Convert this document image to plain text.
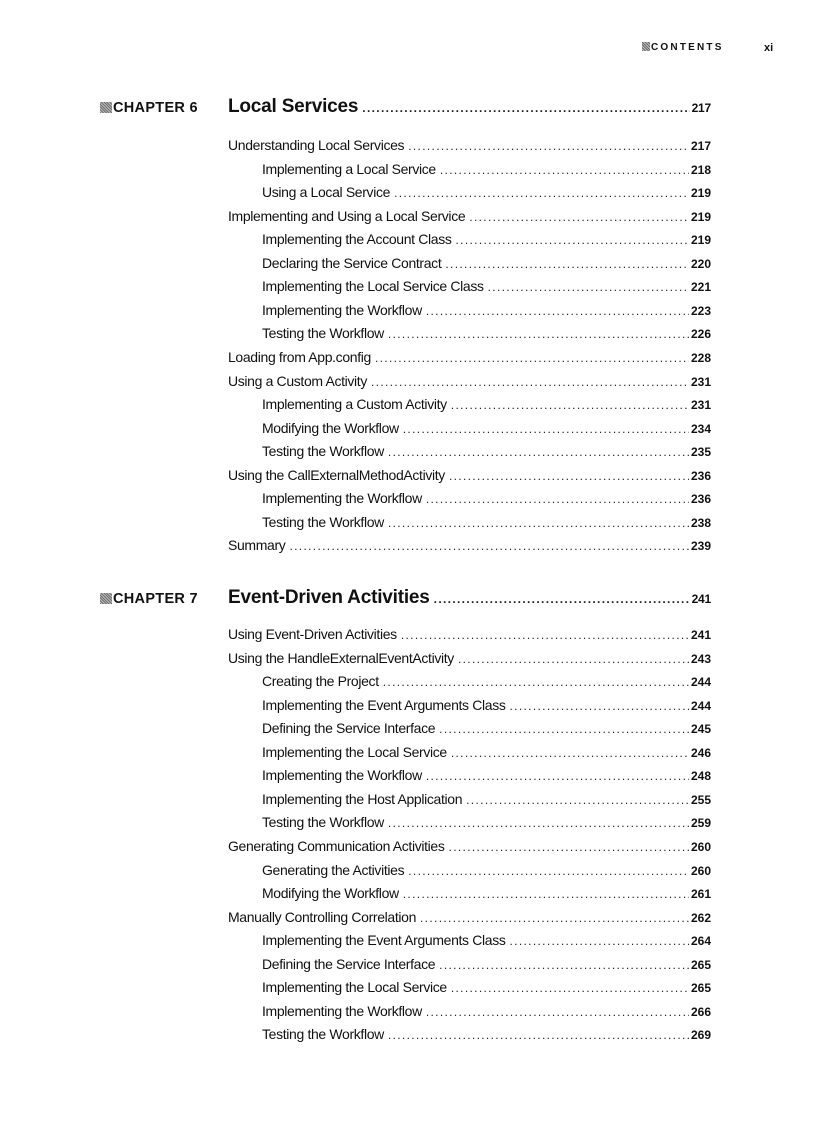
CONTENTS	xi
CHAPTER 6 Local Services . . .	217
Understanding Local Services . . .	217
Implementing a Local Service . . .	218
Using a Local Service . . .	219
Implementing and Using a Local Service . . .	219
Implementing the Account Class . . .	219
Declaring the Service Contract . . .	220
Implementing the Local Service Class . . .	221
Implementing the Workflow . . .	223
Testing the Workflow . . .	226
Loading from App.config . . .	228
Using a Custom Activity . . .	231
Implementing a Custom Activity . . .	231
Modifying the Workflow . . .	234
Testing the Workflow . . .	235
Using the CallExternalMethodActivity . . .	236
Implementing the Workflow . . .	236
Testing the Workflow . . .	238
Summary . . .	239
CHAPTER 7 Event-Driven Activities . . .	241
Using Event-Driven Activities . . .	241
Using the HandleExternalEventActivity . . .	243
Creating the Project . . .	244
Implementing the Event Arguments Class . . .	244
Defining the Service Interface . . .	245
Implementing the Local Service . . .	246
Implementing the Workflow . . .	248
Implementing the Host Application . . .	255
Testing the Workflow . . .	259
Generating Communication Activities . . .	260
Generating the Activities . . .	260
Modifying the Workflow . . .	261
Manually Controlling Correlation . . .	262
Implementing the Event Arguments Class . . .	264
Defining the Service Interface . . .	265
Implementing the Local Service . . .	265
Implementing the Workflow . . .	266
Testing the Workflow . . .	269
